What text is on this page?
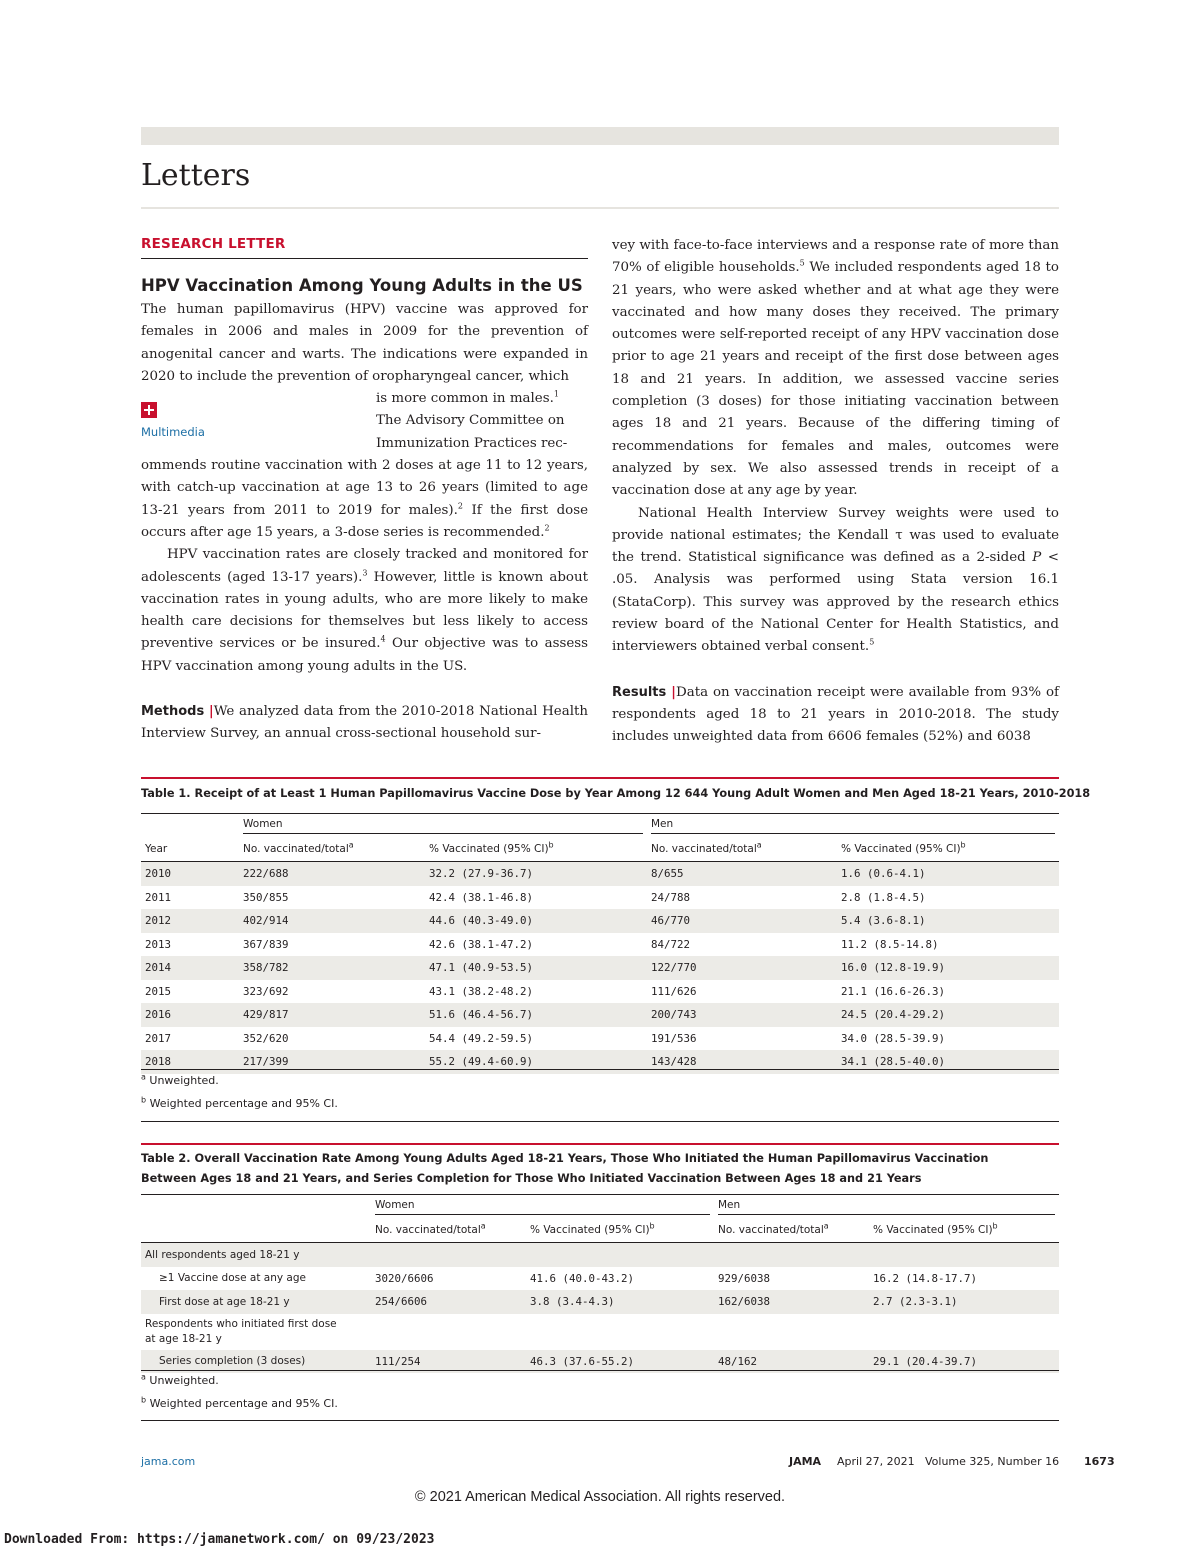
Letters
RESEARCH LETTER
HPV Vaccination Among Young Adults in the US

The human papillomavirus (HPV) vaccine was approved for females in 2006 and males in 2009 for the prevention of anogenital cancer and warts. The indications were expanded in 2020 to include the prevention of oropharyngeal cancer, which

is more common in males.$^1$
The Advisory Committee on
Immunization Practices rec-

ommends routine vaccination with 2 doses at age 11 to 12 years, with catch-up vaccination at age 13 to 26 years (limited to age 13-21 years from 2011 to 2019 for males).$^2$ If the first dose occurs after age 15 years, a 3-dose series is recommended.$^2$

HPV vaccination rates are closely tracked and monitored for adolescents (aged 13-17 years).$^3$ However, little is known about vaccination rates in young adults, who are more likely to make health care decisions for themselves but less likely to access preventive services or be insured.$^4$ Our objective was to assess HPV vaccination among young adults in the US.

Methods |We analyzed data from the 2010-2018 National Health Interview Survey, an annual cross-sectional household sur-

Multimedia

vey with face-to-face interviews and a response rate of more than 70% of eligible households.$^5$ We included respondents aged 18 to 21 years, who were asked whether and at what age they were vaccinated and how many doses they received. The primary outcomes were self-reported receipt of any HPV vaccination dose prior to age 21 years and receipt of the first dose between ages 18 and 21 years. In addition, we assessed vaccine series completion (3 doses) for those initiating vaccination between ages 18 and 21 years. Because of the differing timing of recommendations for females and males, outcomes were analyzed by sex. We also assessed trends in receipt of a vaccination dose at any age by year.

National Health Interview Survey weights were used to provide national estimates; the Kendall τ was used to evaluate the trend. Statistical significance was defined as a 2-sided P < .05. Analysis was performed using Stata version 16.1 (StataCorp). This survey was approved by the research ethics review board of the National Center for Health Statistics, and interviewers obtained verbal consent.$^5$

Results |Data on vaccination receipt were available from 93% of respondents aged 18 to 21 years in 2010-2018. The study includes unweighted data from 6606 females (52%) and 6038

Table 1. Receipt of at Least 1 Human Papillomavirus Vaccine Dose by Year Among 12 644 Young Adult Women and Men Aged 18-21 Years, 2010-2018

	Women		Men	

Year	No. vaccinated/total$^a$	% Vaccinated (95% CI)$^b$	No. vaccinated/total$^a$	% Vaccinated (95% CI)$^b$
2010	222/688	32.2 (27.9-36.7)	8/655	1.6 (0.6-4.1)
2011	350/855	42.4 (38.1-46.8)	24/788	2.8 (1.8-4.5)
2012	402/914	44.6 (40.3-49.0)	46/770	5.4 (3.6-8.1)
2013	367/839	42.6 (38.1-47.2)	84/722	11.2 (8.5-14.8)
2014	358/782	47.1 (40.9-53.5)	122/770	16.0 (12.8-19.9)
2015	323/692	43.1 (38.2-48.2)	111/626	21.1 (16.6-26.3)
2016	429/817	51.6 (46.4-56.7)	200/743	24.5 (20.4-29.2)
2017	352/620	54.4 (49.2-59.5)	191/536	34.0 (28.5-39.9)
2018	217/399	55.2 (49.4-60.9)	143/428	34.1 (28.5-40.0)
$^a$ Unweighted.
$^b$ Weighted percentage and 95% CI.
Table 2. Overall Vaccination Rate Among Young Adults Aged 18-21 Years, Those Who Initiated the Human Papillomavirus Vaccination
Between Ages 18 and 21 Years, and Series Completion for Those Who Initiated Vaccination Between Ages 18 and 21 Years

	Women		Men	

	No. vaccinated/total$^a$	% Vaccinated (95% CI)$^b$	No. vaccinated/total$^a$	% Vaccinated (95% CI)$^b$
All respondents aged 18-21 y				
≥1 Vaccine dose at any age	3020/6606	41.6 (40.0-43.2)	929/6038	16.2 (14.8-17.7)
First dose at age 18-21 y	254/6606	3.8 (3.4-4.3)	162/6038	2.7 (2.3-3.1)

Respondents who initiated first dose
at age 18-21 y				

Series completion (3 doses)	111/254	46.3 (37.6-55.2)	48/162	29.1 (20.4-39.7)
$^a$ Unweighted.
$^b$ Weighted percentage and 95% CI.
jama.com	JAMA April 27, 2021 Volume 325, Number 16 1673
© 2021 American Medical Association. All rights reserved.
Downloaded From: https://jamanetwork.com/ on 09/23/2023
